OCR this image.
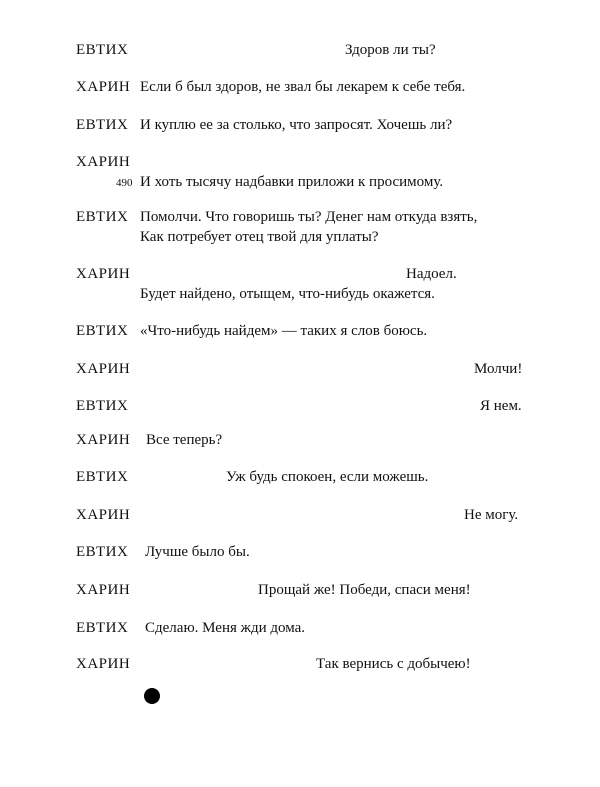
ЕВТИХ	Здоров ли ты?
ХАРИН Если б был здоров, не звал бы лекарем к себе тебя.
ЕВТИХ И куплю ее за столько, что запросят. Хочешь ли?
ХАРИН
490 И хоть тысячу надбавки приложи к просимому.
ЕВТИХ Помолчи. Что говоришь ты? Денег нам откуда взять,
Как потребует отец твой для уплаты?
ХАРИН	Надоел.
Будет найдено, отыщем, что-нибудь окажется.
ЕВТИХ «Что-нибудь найдем» — таких я слов боюсь.
ХАРИН	Молчи!
ЕВТИХ	Я нем.
ХАРИН Все теперь?
ЕВТИХ	Уж будь спокоен, если можешь.
ХАРИН	Не могу.
ЕВТИХ Лучше было бы.
ХАРИН	Прощай же! Победи, спаси меня!
ЕВТИХ Сделаю. Меня жди дома.
ХАРИН	Так вернись с добычею!
